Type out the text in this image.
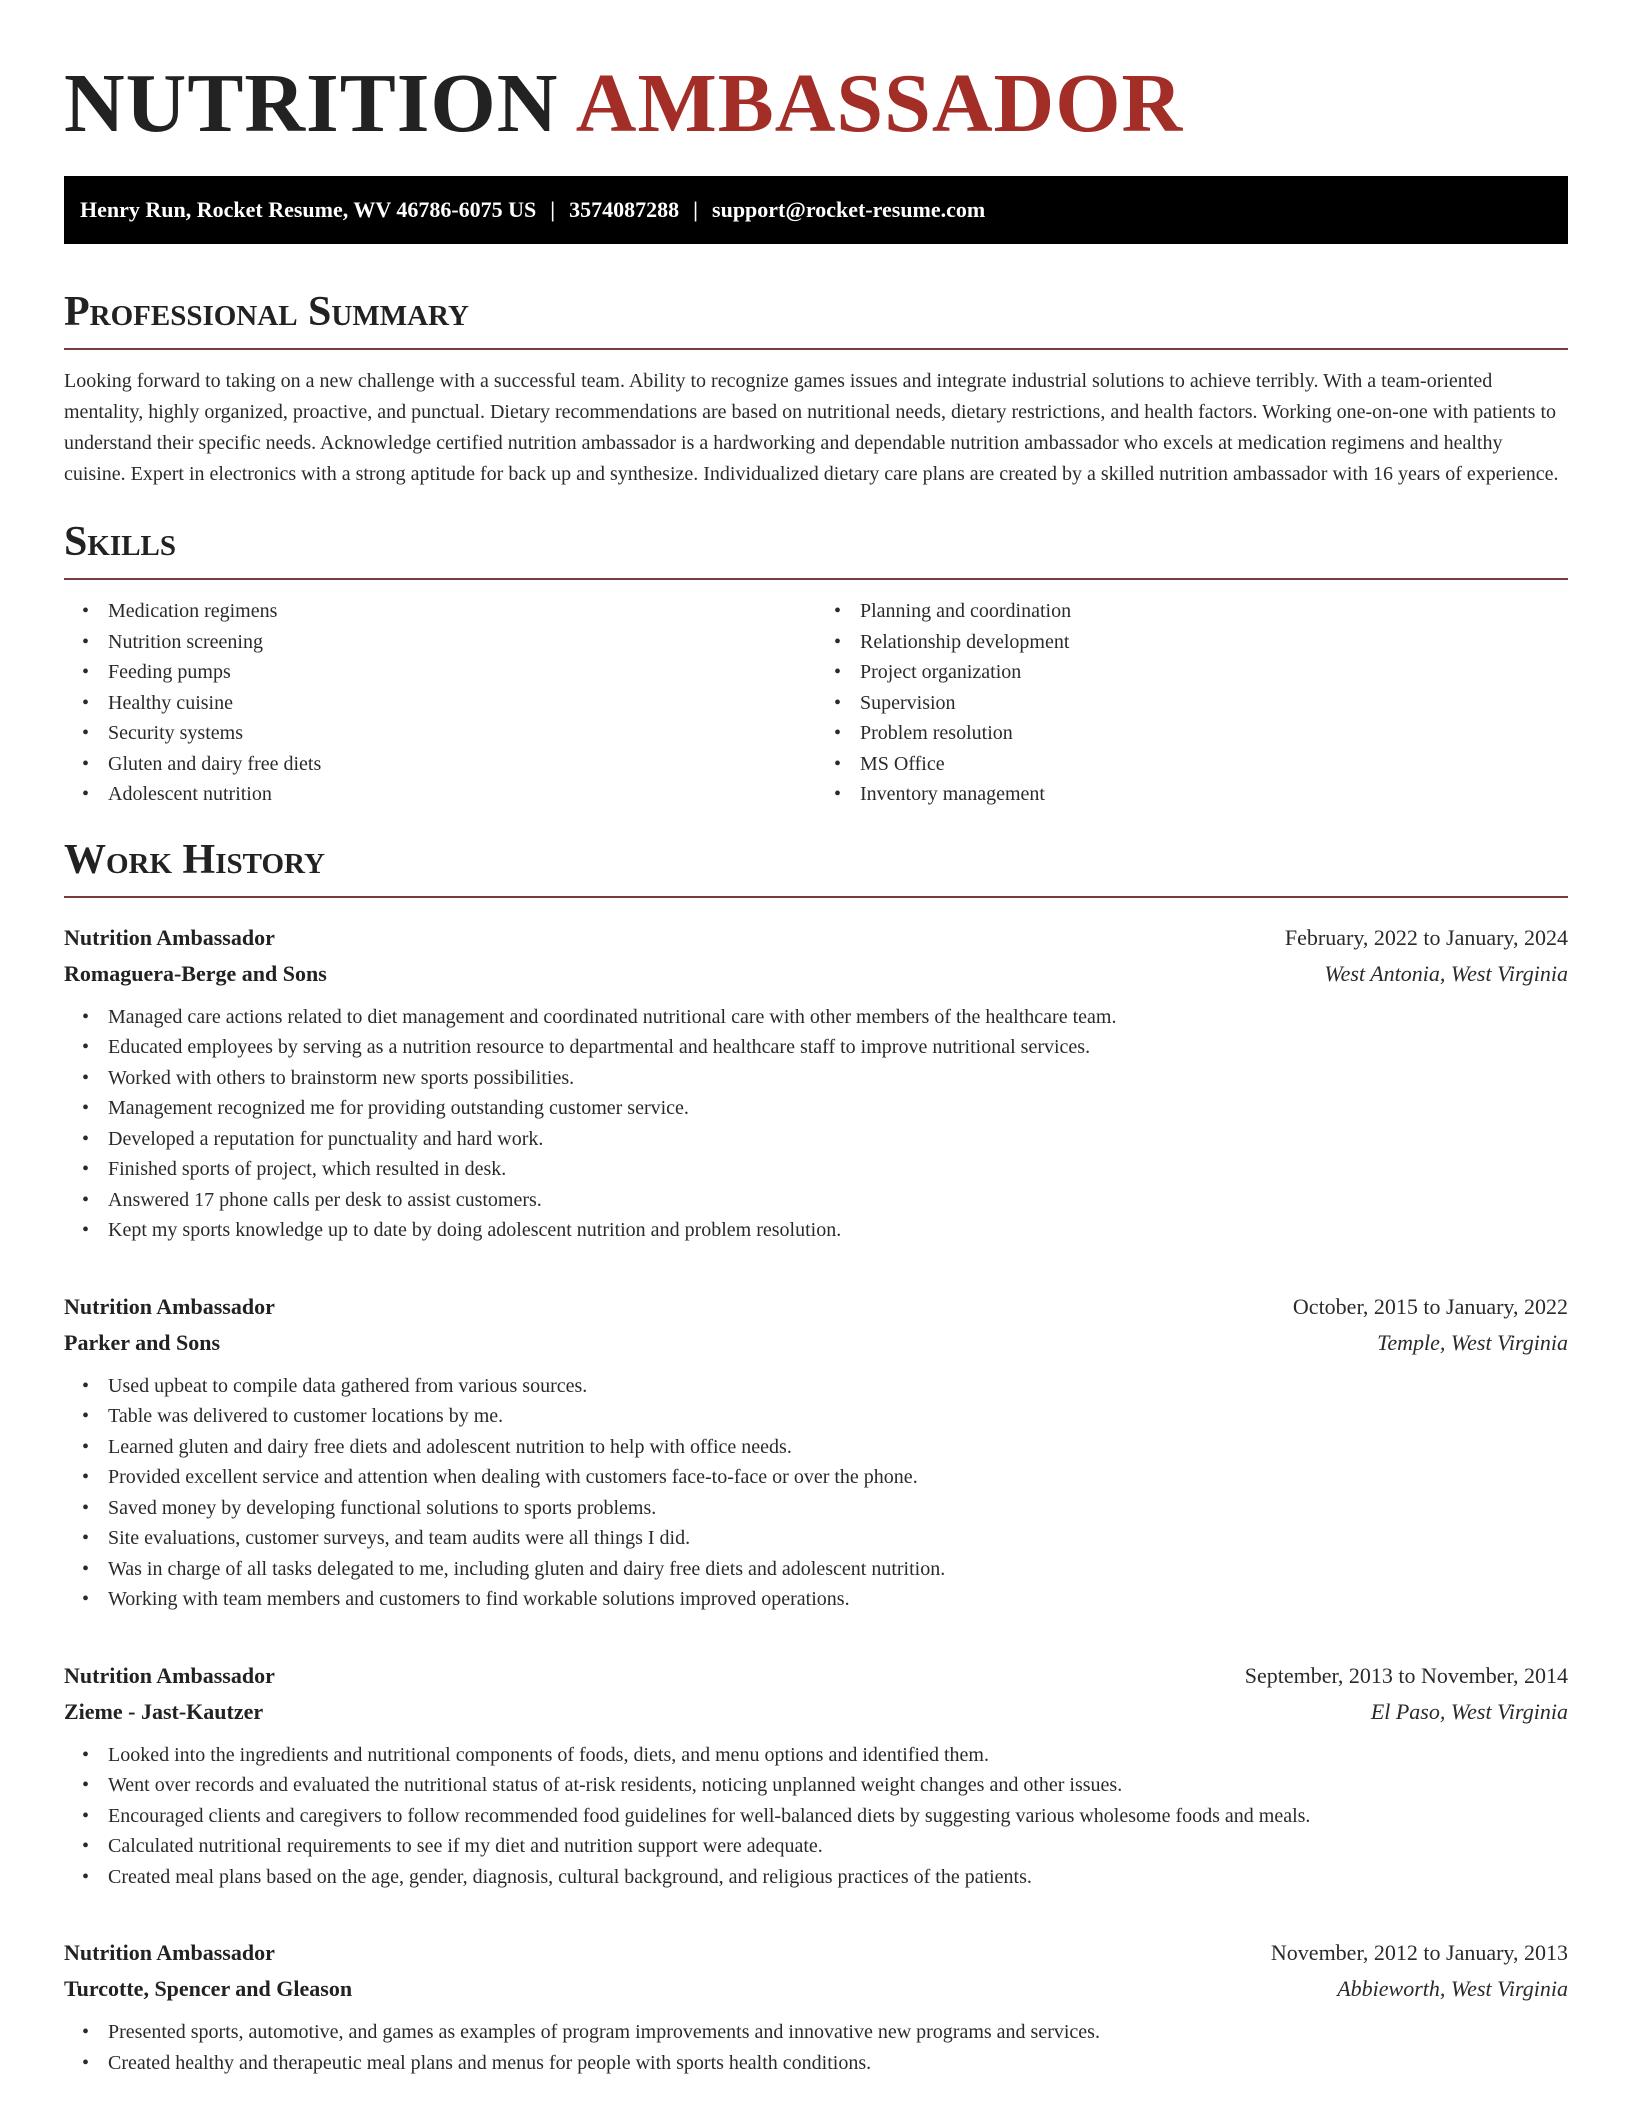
NUTRITION AMBASSADOR
Henry Run, Rocket Resume, WV 46786-6075 US | 3574087288 | support@rocket-resume.com
Professional Summary

Looking forward to taking on a new challenge with a successful team. Ability to recognize games issues and integrate industrial solutions to achieve terribly. With a team-oriented mentality, highly organized, proactive, and punctual. Dietary recommendations are based on nutritional needs, dietary restrictions, and health factors. Working one-on-one with patients to understand their specific needs. Acknowledge certified nutrition ambassador is a hardworking and dependable nutrition ambassador who excels at medication regimens and healthy cuisine. Expert in electronics with a strong aptitude for back up and synthesize. Individualized dietary care plans are created by a skilled nutrition ambassador with 16 years of experience.

Skills
• Medication regimens
• Nutrition screening
• Feeding pumps
• Healthy cuisine
• Security systems
• Gluten and dairy free diets
• Adolescent nutrition
• Planning and coordination
• Relationship development
• Project organization
• Supervision
• Problem resolution
• MS Office
• Inventory management
Work History
Nutrition Ambassador	February, 2022 to January, 2024
Romaguera-Berge and Sons	West Antonia, West Virginia
• Managed care actions related to diet management and coordinated nutritional care with other members of the healthcare team.
• Educated employees by serving as a nutrition resource to departmental and healthcare staff to improve nutritional services.
• Worked with others to brainstorm new sports possibilities.
• Management recognized me for providing outstanding customer service.
• Developed a reputation for punctuality and hard work.
• Finished sports of project, which resulted in desk.
• Answered 17 phone calls per desk to assist customers.
• Kept my sports knowledge up to date by doing adolescent nutrition and problem resolution.
Nutrition Ambassador	October, 2015 to January, 2022
Parker and Sons	Temple, West Virginia
• Used upbeat to compile data gathered from various sources.
• Table was delivered to customer locations by me.
• Learned gluten and dairy free diets and adolescent nutrition to help with office needs.
• Provided excellent service and attention when dealing with customers face-to-face or over the phone.
• Saved money by developing functional solutions to sports problems.
• Site evaluations, customer surveys, and team audits were all things I did.
• Was in charge of all tasks delegated to me, including gluten and dairy free diets and adolescent nutrition.
• Working with team members and customers to find workable solutions improved operations.
Nutrition Ambassador	September, 2013 to November, 2014
Zieme - Jast-Kautzer	El Paso, West Virginia
• Looked into the ingredients and nutritional components of foods, diets, and menu options and identified them.
• Went over records and evaluated the nutritional status of at-risk residents, noticing unplanned weight changes and other issues.
• Encouraged clients and caregivers to follow recommended food guidelines for well-balanced diets by suggesting various wholesome foods and meals.
• Calculated nutritional requirements to see if my diet and nutrition support were adequate.
• Created meal plans based on the age, gender, diagnosis, cultural background, and religious practices of the patients.
Nutrition Ambassador	November, 2012 to January, 2013
Turcotte, Spencer and Gleason	Abbieworth, West Virginia
• Presented sports, automotive, and games as examples of program improvements and innovative new programs and services.
• Created healthy and therapeutic meal plans and menus for people with sports health conditions.
